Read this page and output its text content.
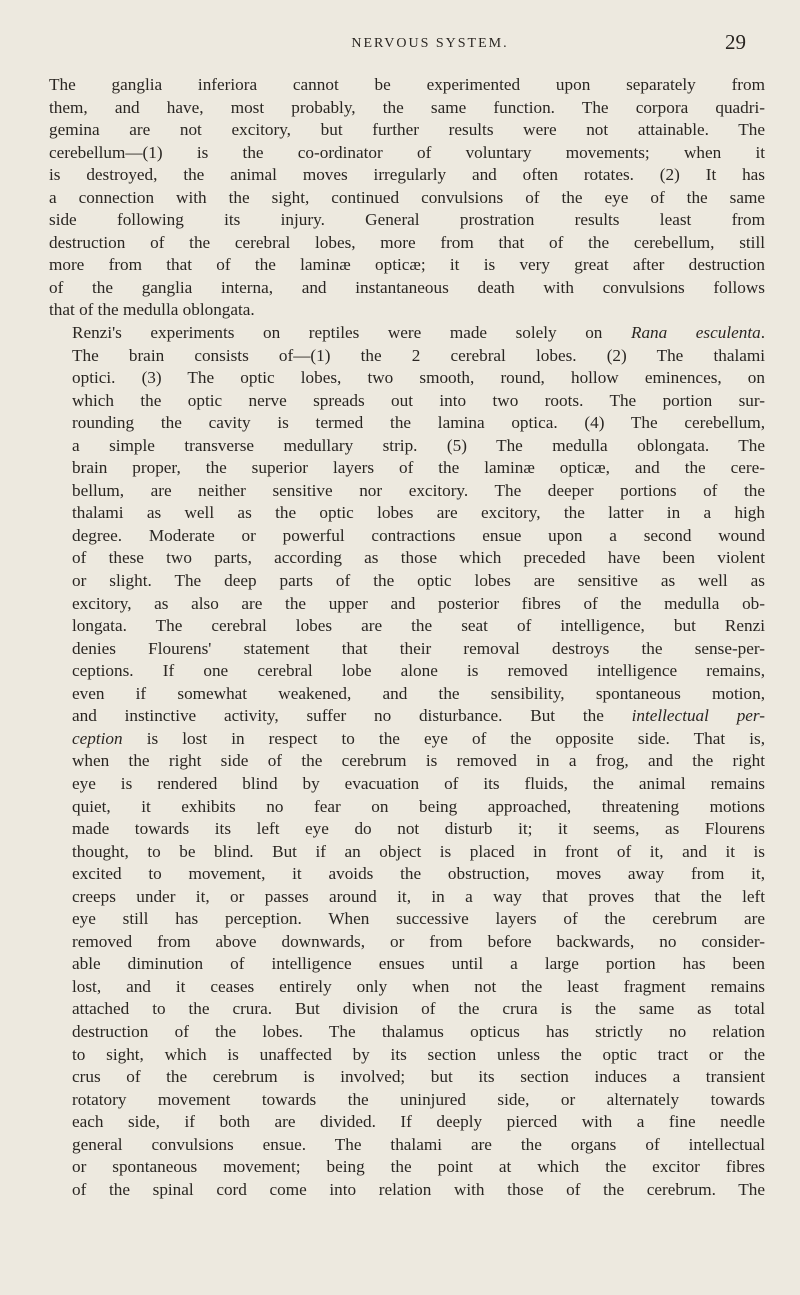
NERVOUS SYSTEM.	29

The ganglia inferiora cannot be experimented upon separately from
them, and have, most probably, the same function. The corpora quadri-
gemina are not excitory, but further results were not attainable. The
cerebellum—(1) is the co-ordinator of voluntary movements; when it
is destroyed, the animal moves irregularly and often rotates. (2) It has
a connection with the sight, continued convulsions of the eye of the same
side following its injury. General prostration results least from
destruction of the cerebral lobes, more from that of the cerebellum, still
more from that of the laminæ opticæ; it is very great after destruction
of the ganglia interna, and instantaneous death with convulsions follows
that of the medulla oblongata.

Renzi's experiments on reptiles were made solely on Rana esculenta.
The brain consists of—(1) the 2 cerebral lobes. (2) The thalami
optici. (3) The optic lobes, two smooth, round, hollow eminences, on
which the optic nerve spreads out into two roots. The portion sur-
rounding the cavity is termed the lamina optica. (4) The cerebellum,
a simple transverse medullary strip. (5) The medulla oblongata. The
brain proper, the superior layers of the laminæ opticæ, and the cere-
bellum, are neither sensitive nor excitory. The deeper portions of the
thalami as well as the optic lobes are excitory, the latter in a high
degree. Moderate or powerful contractions ensue upon a second wound
of these two parts, according as those which preceded have been violent
or slight. The deep parts of the optic lobes are sensitive as well as
excitory, as also are the upper and posterior fibres of the medulla ob-
longata. The cerebral lobes are the seat of intelligence, but Renzi
denies Flourens' statement that their removal destroys the sense-per-
ceptions. If one cerebral lobe alone is removed intelligence remains,
even if somewhat weakened, and the sensibility, spontaneous motion,
and instinctive activity, suffer no disturbance. But the intellectual per-
ception is lost in respect to the eye of the opposite side. That is,
when the right side of the cerebrum is removed in a frog, and the right
eye is rendered blind by evacuation of its fluids, the animal remains
quiet, it exhibits no fear on being approached, threatening motions
made towards its left eye do not disturb it; it seems, as Flourens
thought, to be blind. But if an object is placed in front of it, and it is
excited to movement, it avoids the obstruction, moves away from it,
creeps under it, or passes around it, in a way that proves that the left
eye still has perception. When successive layers of the cerebrum are
removed from above downwards, or from before backwards, no consider-
able diminution of intelligence ensues until a large portion has been
lost, and it ceases entirely only when not the least fragment remains
attached to the crura. But division of the crura is the same as total
destruction of the lobes. The thalamus opticus has strictly no relation
to sight, which is unaffected by its section unless the optic tract or the
crus of the cerebrum is involved; but its section induces a transient
rotatory movement towards the uninjured side, or alternately towards
each side, if both are divided. If deeply pierced with a fine needle
general convulsions ensue. The thalami are the organs of intellectual
or spontaneous movement; being the point at which the excitor fibres
of the spinal cord come into relation with those of the cerebrum. The
